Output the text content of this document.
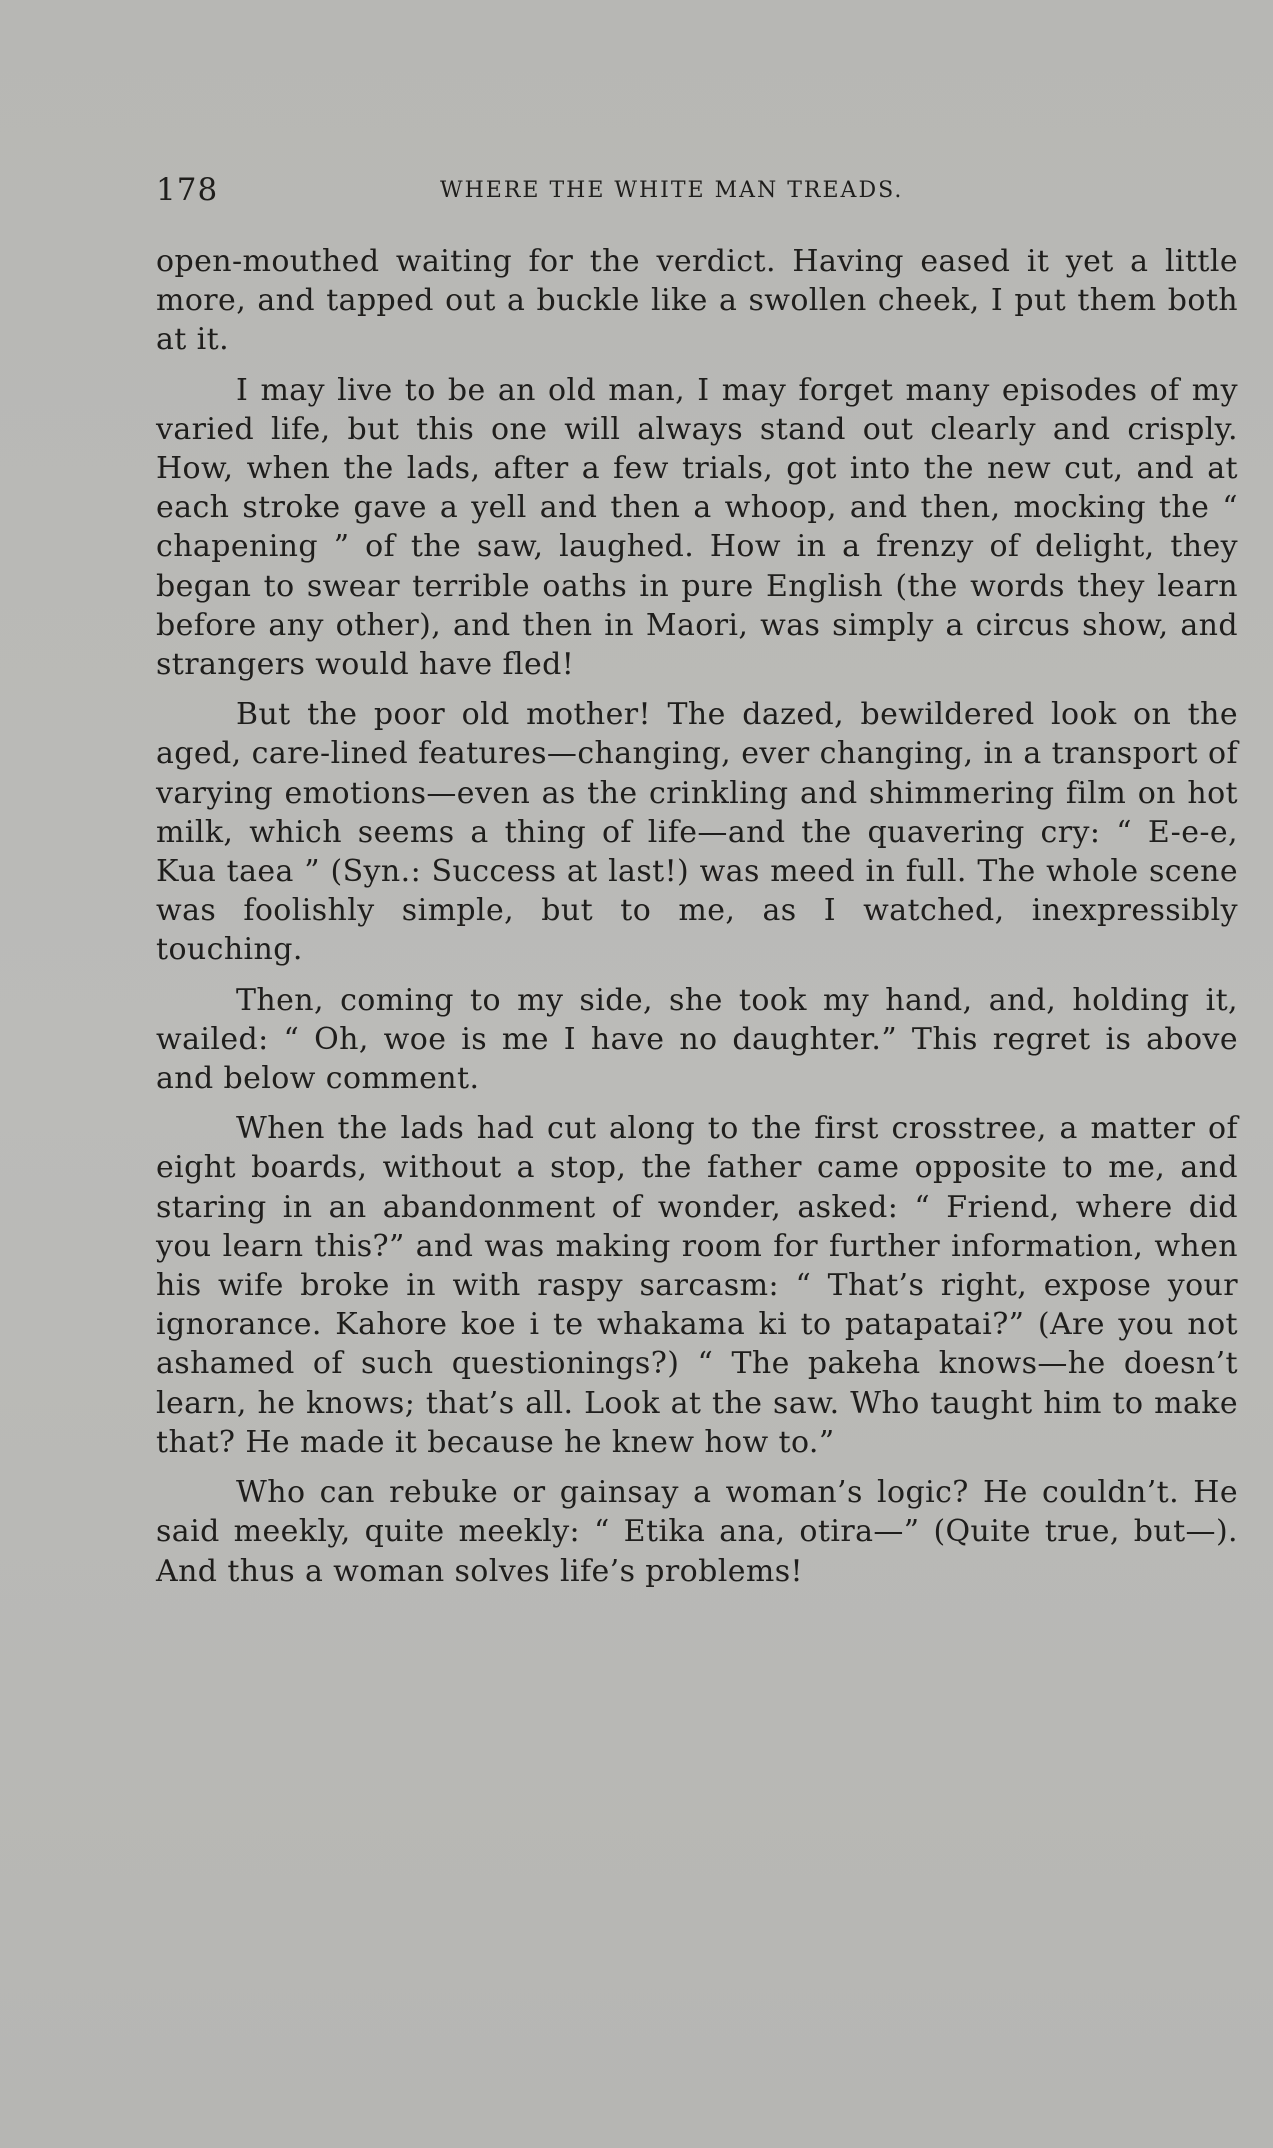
178	WHERE THE WHITE MAN TREADS.

open-mouthed waiting for the verdict. Having eased it yet a little more, and tapped out a buckle like a swollen cheek, I put them both at it.

I may live to be an old man, I may forget many episodes of my varied life, but this one will always stand out clearly and crisply. How, when the lads, after a few trials, got into the new cut, and at each stroke gave a yell and then a whoop, and then, mocking the “ chapening ” of the saw, laughed. How in a frenzy of delight, they began to swear terrible oaths in pure English (the words they learn before any other), and then in Maori, was simply a circus show, and strangers would have fled!

But the poor old mother! The dazed, bewildered look on the aged, care-lined features—changing, ever changing, in a transport of varying emotions—even as the crinkling and shimmering film on hot milk, which seems a thing of life—and the quavering cry: “ E-e-e, Kua taea ” (Syn.: Success at last!) was meed in full. The whole scene was foolishly simple, but to me, as I watched, inexpressibly touching.

Then, coming to my side, she took my hand, and, holding it, wailed: “ Oh, woe is me I have no daughter.” This regret is above and below comment.

When the lads had cut along to the first crosstree, a matter of eight boards, without a stop, the father came opposite to me, and staring in an abandonment of wonder, asked: “ Friend, where did you learn this?” and was making room for further information, when his wife broke in with raspy sarcasm: “ That’s right, expose your ignorance. Kahore koe i te whakama ki to patapatai?” (Are you not ashamed of such questionings?) “ The pakeha knows—he doesn’t learn, he knows; that’s all. Look at the saw. Who taught him to make that? He made it because he knew how to.”

Who can rebuke or gainsay a woman’s logic? He couldn’t. He said meekly, quite meekly: “ Etika ana, otira—” (Quite true, but—). And thus a woman solves life’s problems!
